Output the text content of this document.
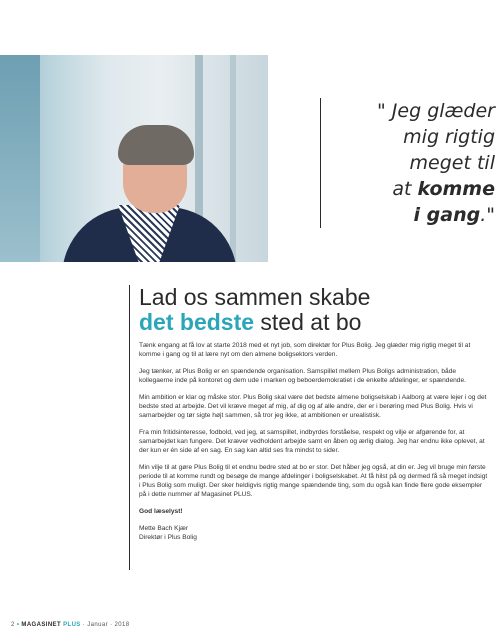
" Jeg glæder
mig rigtig
meget til
at komme
i gang."
Lad os sammen skabe
det bedste sted at bo

Tænk engang at få lov at starte 2018 med et nyt job, som direktør for Plus Bolig. Jeg glæder mig rigtig meget til at komme i gang og til at lære nyt om den almene boligsektors verden.

Jeg tænker, at Plus Bolig er en spændende organisation. Samspillet mellem Plus Boligs administration, både kollegaerne inde på kontoret og dem ude i marken og beboerdemokratiet i de enkelte afdelinger, er spændende.

Min ambition er klar og måske stor. Plus Bolig skal være det bedste almene boligselskab i Aalborg at være lejer i og det bedste sted at arbejde. Det vil kræve meget af mig, af dig og af alle andre, der er i berøring med Plus Bolig. Hvis vi samarbejder og tør sigte højt sammen, så tror jeg ikke, at ambitionen er urealistisk.

Fra min fritidsinteresse, fodbold, ved jeg, at samspillet, indbyrdes forståelse, respekt og vilje er afgørende for, at samarbejdet kan fungere. Det kræver vedholdent arbejde samt en åben og ærlig dialog. Jeg har endnu ikke oplevet, at der kun er én side af en sag. En sag kan altid ses fra mindst to sider.

Min vilje til at gøre Plus Bolig til et endnu bedre sted at bo er stor. Det håber jeg også, at din er. Jeg vil bruge min første periode til at komme rundt og besøge de mange afdelinger i boligselskabet. At få hilst på og dermed få så meget indsigt i Plus Bolig som muligt. Der sker heldigvis rigtig mange spændende ting, som du også kan finde flere gode eksempler på i dette nummer af Magasinet PLUS.

God læselyst!

Mette Bach Kjær
Direktør i Plus Bolig
2 • MAGASINET PLUS · Januar · 2018
